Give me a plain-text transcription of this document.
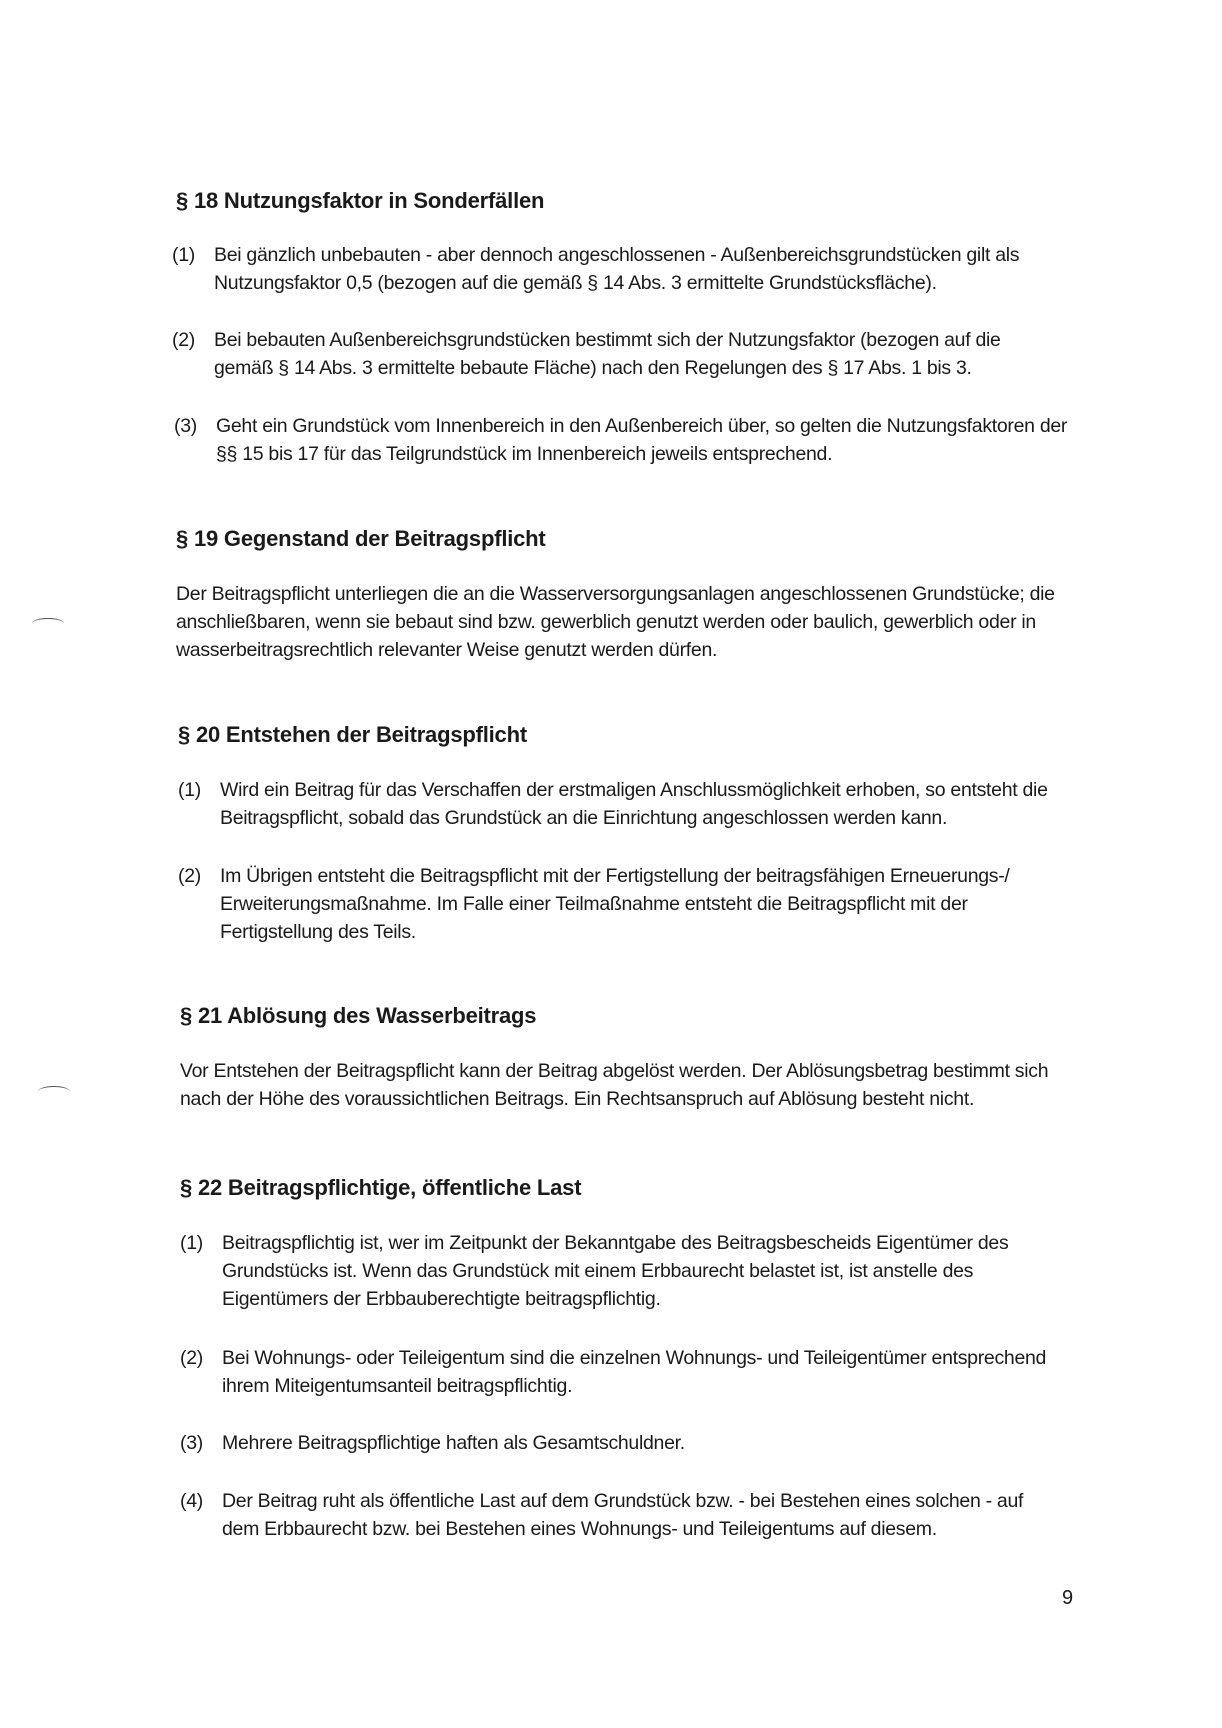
§ 18 Nutzungsfaktor in Sonderfällen
(1) Bei gänzlich unbebauten - aber dennoch angeschlossenen - Außenbereichsgrundstücken gilt als Nutzungsfaktor 0,5 (bezogen auf die gemäß § 14 Abs. 3 ermittelte Grundstücksfläche).
(2) Bei bebauten Außenbereichsgrundstücken bestimmt sich der Nutzungsfaktor (bezogen auf die gemäß § 14 Abs. 3 ermittelte bebaute Fläche) nach den Regelungen des § 17 Abs. 1 bis 3.
(3) Geht ein Grundstück vom Innenbereich in den Außenbereich über, so gelten die Nutzungsfaktoren der §§ 15 bis 17 für das Teilgrundstück im Innenbereich jeweils entsprechend.
§ 19 Gegenstand der Beitragspflicht
Der Beitragspflicht unterliegen die an die Wasserversorgungsanlagen angeschlossenen Grundstücke; die anschließbaren, wenn sie bebaut sind bzw. gewerblich genutzt werden oder baulich, gewerblich oder in wasserbeitragsrechtlich relevanter Weise genutzt werden dürfen.
§ 20 Entstehen der Beitragspflicht
(1) Wird ein Beitrag für das Verschaffen der erstmaligen Anschlussmöglichkeit erhoben, so entsteht die Beitragspflicht, sobald das Grundstück an die Einrichtung angeschlossen werden kann.
(2) Im Übrigen entsteht die Beitragspflicht mit der Fertigstellung der beitragsfähigen Erneuerungs-/ Erweiterungsmaßnahme. Im Falle einer Teilmaßnahme entsteht die Beitragspflicht mit der Fertigstellung des Teils.
§ 21 Ablösung des Wasserbeitrags
Vor Entstehen der Beitragspflicht kann der Beitrag abgelöst werden. Der Ablösungsbetrag bestimmt sich nach der Höhe des voraussichtlichen Beitrags. Ein Rechtsanspruch auf Ablösung besteht nicht.
§ 22 Beitragspflichtige, öffentliche Last
(1) Beitragspflichtig ist, wer im Zeitpunkt der Bekanntgabe des Beitragsbescheids Eigentümer des Grundstücks ist. Wenn das Grundstück mit einem Erbbaurecht belastet ist, ist anstelle des Eigentümers der Erbbauberechtigte beitragspflichtig.
(2) Bei Wohnungs- oder Teileigentum sind die einzelnen Wohnungs- und Teileigentümer entsprechend ihrem Miteigentumsanteil beitragspflichtig.
(3) Mehrere Beitragspflichtige haften als Gesamtschuldner.
(4) Der Beitrag ruht als öffentliche Last auf dem Grundstück bzw. - bei Bestehen eines solchen - auf dem Erbbaurecht bzw. bei Bestehen eines Wohnungs- und Teileigentums auf diesem.
9
